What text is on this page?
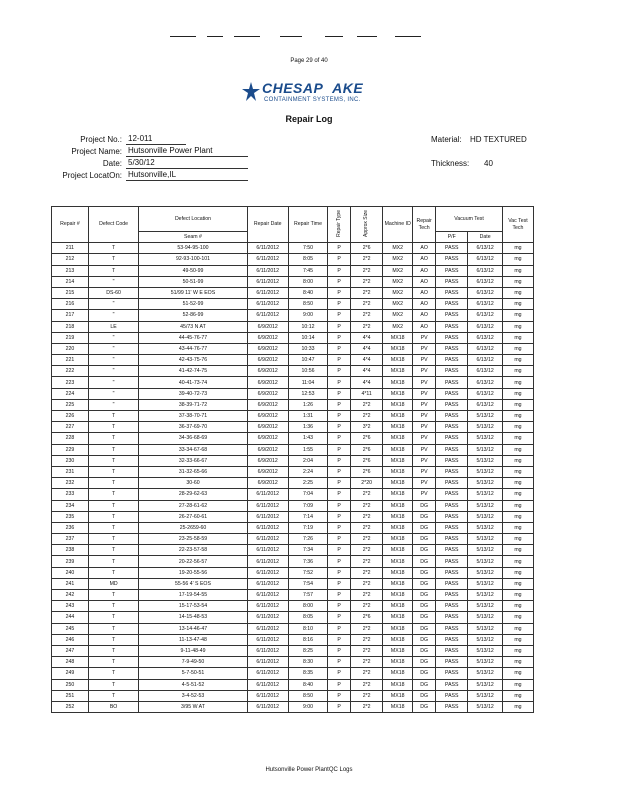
Page 29 of 40
CHESAP AKE
CONTAINMENT SYSTEMS, INC.
Repair Log
Project No.: 12-011
Project Name: Hutsonville Power Plant
Date: 5/30/12
Project LocatOn: Hutsonville,IL
Material: HD TEXTURED
Thickness: 40
Repair #	Defect Code	Defect Location	Repair Date	Repair Time	Repair Type	Approx Size	Machine ID	Repair Tech	Vacuum Test		Vac Test Tech
		Seam #							P/F	Date	
211	T	53-94-95-100	6/11/2012	7:50	P	2*6	MX2	AO	PASS	6/13/12	mg
212	T	92-93-100-101	6/11/2012	8:05	P	2*2	MX2	AO	PASS	6/13/12	mg
213	T	49-50-99	6/11/2012	7:45	P	2*2	MX2	AO	PASS	6/13/12	mg
214	"	50-51-99	6/11/2012	8:00	P	2*2	MX2	AO	PASS	6/13/12	mg
215	DS-60	51/99 11' W E EOS	6/11/2012	8:40	P	2*2	MX2	AO	PASS	6/13/12	mg
216	"	51-52-99	6/11/2012	8:50	P	2*2	MX2	AO	PASS	6/13/12	mg
217	"	52-86-99	6/11/2012	9:00	P	2*2	MX2	AO	PASS	6/13/12	mg
218	LE	45/73 N AT	6/9/2012	10:12	P	2*2	MX2	AO	PASS	6/13/12	mg
219	"	44-45-76-77	6/9/2012	10:14	P	4*4	MX18	PV	PASS	6/13/12	mg
220	"	43-44-76-77	6/9/2012	10:33	P	4*4	MX18	PV	PASS	6/13/12	mg
221	"	42-43-75-76	6/9/2012	10:47	P	4*4	MX18	PV	PASS	6/13/12	mg
222	"	41-42-74-75	6/9/2012	10:56	P	4*4	MX18	PV	PASS	6/13/12	mg
223	"	40-41-73-74	6/9/2012	11:04	P	4*4	MX18	PV	PASS	6/13/12	mg
224	"	39-40-72-73	6/9/2012	12:53	P	4*11	MX18	PV	PASS	6/13/12	mg
225	"	38-39-71-72	6/9/2012	1:26	P	2*2	MX18	PV	PASS	6/13/12	mg
226	T	37-38-70-71	6/9/2012	1:31	P	2*2	MX18	PV	PASS	5/13/12	mg
227	T	36-37-69-70	6/9/2012	1:36	P	3*2	MX18	PV	PASS	5/13/12	mg
228	T	34-36-68-69	6/9/2012	1:43	P	2*6	MX18	PV	PASS	5/13/12	mg
229	T	33-34-67-68	6/9/2012	1:55	P	2*6	MX18	PV	PASS	5/13/12	mg
230	T	32-33-66-67	6/9/2012	2:04	P	2*6	MX18	PV	PASS	5/13/12	mg
231	T	31-32-65-66	6/9/2012	2:24	P	2*6	MX18	PV	PASS	5/13/12	mg
232	T	30-60	6/9/2012	2:25	P	2*20	MX18	PV	PASS	5/13/12	mg
233	T	28-29-62-63	6/11/2012	7:04	P	2*2	MX18	PV	PASS	5/13/12	mg
234	T	27-28-61-62	6/11/2012	7:09	P	2*2	MX18	DG	PASS	5/13/12	mg
235	T	26-27-60-61	6/11/2012	7:14	P	2*2	MX18	DG	PASS	5/13/12	mg
236	T	25-2659-60	6/11/2012	7:19	P	2*2	MX18	DG	PASS	5/13/12	mg
237	T	23-25-58-59	6/11/2012	7:26	P	2*2	MX18	DG	PASS	5/13/12	mg
238	T	22-23-57-58	6/11/2012	7:34	P	2*2	MX18	DG	PASS	5/13/12	mg
239	T	20-22-56-57	6/11/2012	7:36	P	2*2	MX18	DG	PASS	5/13/12	mg
240	T	19-20-55-56	6/11/2012	7:52	P	2*2	MX18	DG	PASS	5/13/12	mg
241	MD	55-56 4' S EOS	6/11/2012	7:54	P	2*2	MX18	DG	PASS	5/13/12	mg
242	T	17-19-54-55	6/11/2012	7:57	P	2*2	MX18	DG	PASS	5/13/12	mg
243	T	15-17-53-54	6/11/2012	8:00	P	2*2	MX18	DG	PASS	5/13/12	mg
244	T	14-15-48-53	6/11/2012	8:05	P	2*6	MX18	DG	PASS	5/13/12	mg
245	T	13-14-46-47	6/11/2012	8:10	P	2*2	MX18	DG	PASS	5/13/12	mg
246	T	11-13-47-48	6/11/2012	8:16	P	2*2	MX18	DG	PASS	5/13/12	mg
247	T	9-11-48-49	6/11/2012	8:25	P	2*2	MX18	DG	PASS	5/13/12	mg
248	T	7-9-49-50	6/11/2012	8:30	P	2*2	MX18	DG	PASS	5/13/12	mg
249	T	5-7-50-51	6/11/2012	8:35	P	2*2	MX18	DG	PASS	5/13/12	mg
250	T	4-5-51-52	6/11/2012	8:40	P	2*2	MX18	DG	PASS	5/13/12	mg
251	T	3-4-52-53	6/11/2012	8:50	P	2*2	MX18	DG	PASS	5/13/12	mg
252	BO	3/95 W AT	6/11/2012	9:00	P	2*2	MX18	DG	PASS	5/13/12	mg
Hutsonville Power PlantQC Logs
